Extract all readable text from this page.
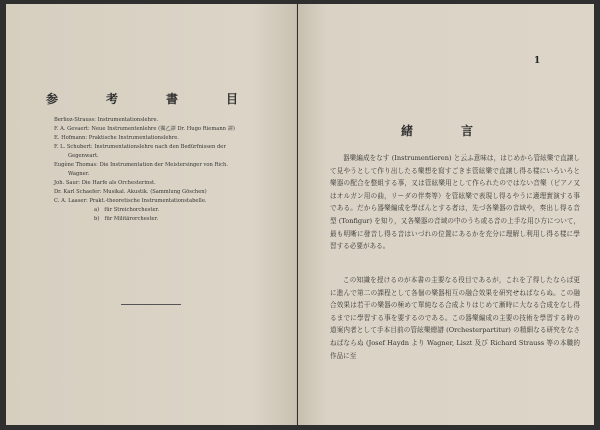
参　考　書　目

Berlioz-Strauss: Instrumentationslehre.

F. A. Gevaert: Neue Instrumentenlehre (獨乙譯 Dr. Hugo Riemann 譯)

E. Hofmann: Praktische Instrumentationslehre.

F. L. Schubert: Instrumentationslehre nach den Bedürfnissen der

Gegenwart.

Eugène Thomas: Die Instrumentation der Meistersinger von Rich.

Wagner.

Joh. Saur: Die Harfe als Orchesterinst.

Dr. Karl Schaefer: Musikal. Akustik. (Sammlung Göschen)

C. A. Laaser: Prakt.-theoretische Instrumentationstabelle.

a)　für Streichorchester.

b)　für Militärorchester.

1
緒　言

器樂編成をなす (Instrumentieren) と云ふ意味は，はじめから管絃樂で直譲して見やうとして作り出したる樂想を寫すごきま管絃樂で直譲し得る樣にいろいろと樂器の配合を整組する事，又は管絃樂用として作られたのではない音樂（ピアノ又はオルガン用の曲，リーダの伴奏等）を管絃樂で表現し得るやうに適理實演する事である。だから器樂編成を學ばんとする者は，先づ各樂器の音域や，奏出し得る音型 (Tonfigur) を知り，又各樂器の音域の中のうち或る音の上手な用ひ方について，最も明晰に發音し得る音はいづれの位置にあるかを充分に理解し利用し得る樣に學習する必要がある。

この知識を授けるのが本書の主要なる役目であるが，これを了得したならば更に進んで第二の課程として各個の樂器相互の融合效果を研究せねばならぬ。この融合效果は若干の樂器の極めて單純なる合成よりはじめて漸時に大なる合成をなし得るまでに學習する事を要するのである。この器樂編成の主要の技術を學習する時の道案内者として手本目前の管絃樂總譜 (Orchesterpartitur) の精細なる研究をなさねばならぬ (Josef Haydn より Wagner, Liszt 及び Richard Strauss 等の本職的作品に至
